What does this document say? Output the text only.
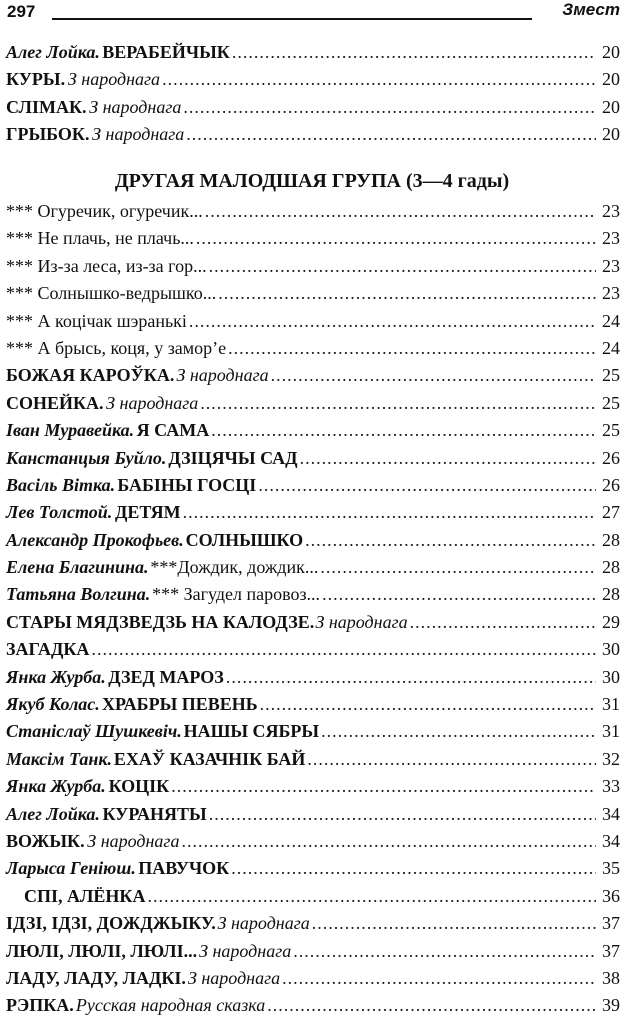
297	Змест
Алег Лойка. ВЕРАБЕЙЧЫК .....	20
КУРЫ. З народнага .....	20
СЛІМАК. З народнага .....	20
ГРЫБОК. З народнага .....	20
ДРУГАЯ МАЛОДШАЯ ГРУПА (3—4 гады)
*** Огуречик, огуречик... .....	23
*** Не плачь, не плачь... .....	23
*** Из-за леса, из-за гор... .....	23
*** Солнышко-ведрышко... .....	23
*** А коцічак шэранькі .....	24
*** А брысь, коця, у замор’е .....	24
БОЖАЯ КАРОЎКА. З народнага .....	25
СОНЕЙКА. З народнага .....	25
Іван Муравейка. Я САМА .....	25
Канстанцыя Буйло. ДЗІЦЯЧЫ САД .....	26
Васіль Вітка. БАБІНЫ ГОСЦІ .....	26
Лев Толстой. ДЕТЯМ .....	27
Александр Прокофьев. СОЛНЫШКО .....	28
Елена Благинина. ***Дождик, дождик... .....	28
Татьяна Волгина. *** Загудел паровоз... .....	28
СТАРЫ МЯДЗВЕДЗЬ НА КАЛОДЗЕ. З народнага .....	29
ЗАГАДКА .....	30
Янка Журба. ДЗЕД МАРОЗ .....	30
Якуб Колас. ХРАБРЫ ПЕВЕНЬ .....	31
Станіслаў Шушкевіч. НАШЫ СЯБРЫ .....	31
Максім Танк. ЕХАЎ КАЗАЧНІК БАЙ .....	32
Янка Журба. КОЦІК .....	33
Алег Лойка. КУРАНЯТЫ .....	34
ВОЖЫК. З народнага .....	34
Ларыса Геніюш. ПАВУЧОК .....	35
СПІ, АЛЁНКА .....	36
ІДЗІ, ІДЗІ, ДОЖДЖЫКУ. З народнага .....	37
ЛЮЛІ, ЛЮЛІ, ЛЮЛІ... З народнага .....	37
ЛАДУ, ЛАДУ, ЛАДКІ. З народнага .....	38
РЭПКА. Русская народная сказка .....	39
